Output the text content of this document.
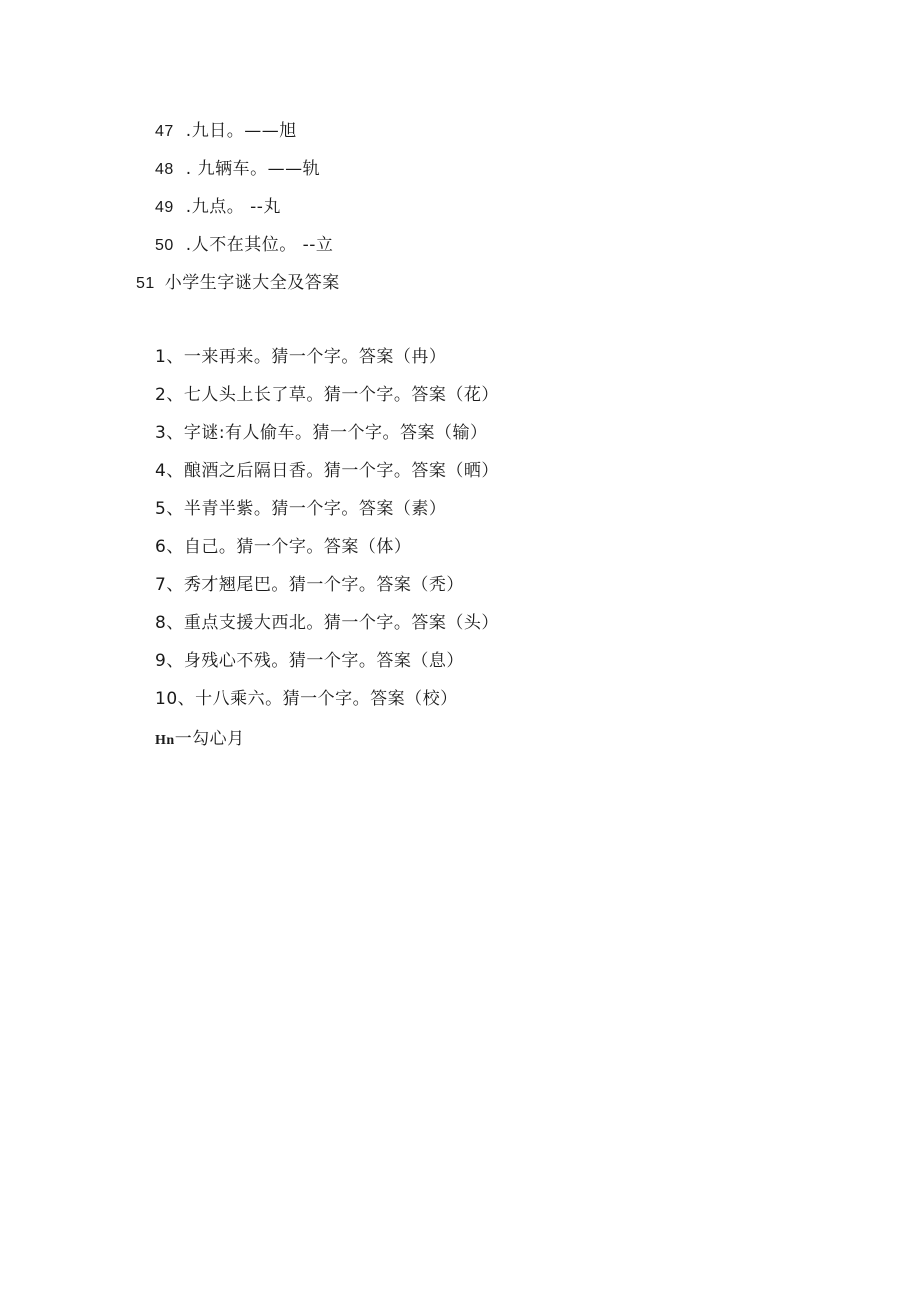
47 .九日。——旭
48 . 九辆车。——轨
49 .九点。 --丸
50 .人不在其位。 --立
51 小学生字谜大全及答案
1、一来再来。猜一个字。答案（冉）
2、七人头上长了草。猜一个字。答案（花）
3、字谜:有人偷车。猜一个字。答案（输）
4、酿酒之后隔日香。猜一个字。答案（晒）
5、半青半紫。猜一个字。答案（素）
6、自己。猜一个字。答案（体）
7、秀才翘尾巴。猜一个字。答案（秃）
8、重点支援大西北。猜一个字。答案（头）
9、身残心不残。猜一个字。答案（息）
10、十八乘六。猜一个字。答案（校）
Hn一勾心月
